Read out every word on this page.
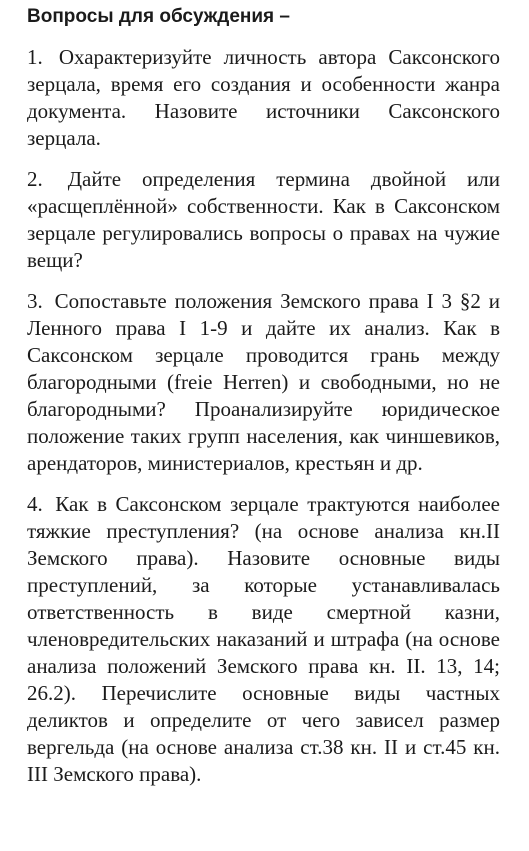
Вопросы для обсуждения –
1. Охарактеризуйте личность автора Саксонского зерцала, время его создания и особенности жанра документа. Назовите источники Саксонского зерцала.
2. Дайте определения термина двойной или «расщеплённой» собственности. Как в Саксонском зерцале регулировались вопросы о правах на чужие вещи?
3. Сопоставьте положения Земского права I 3 §2 и Ленного права I 1-9 и дайте их анализ. Как в Саксонском зерцале проводится грань между благородными (freie Herren) и свободными, но не благородными? Проанализируйте юридическое положение таких групп населения, как чиншевиков, арендаторов, министериалов, крестьян и др.
4. Как в Саксонском зерцале трактуются наиболее тяжкие преступления? (на основе анализа кн.II Земского права). Назовите основные виды преступлений, за которые устанавливалась ответственность в виде смертной казни, членовредительских наказаний и штрафа (на основе анализа положений Земского права кн. II. 13, 14; 26.2). Перечислите основные виды частных деликтов и определите от чего зависел размер вергельда (на основе анализа ст.38 кн. II и ст.45 кн. III Земского права).
